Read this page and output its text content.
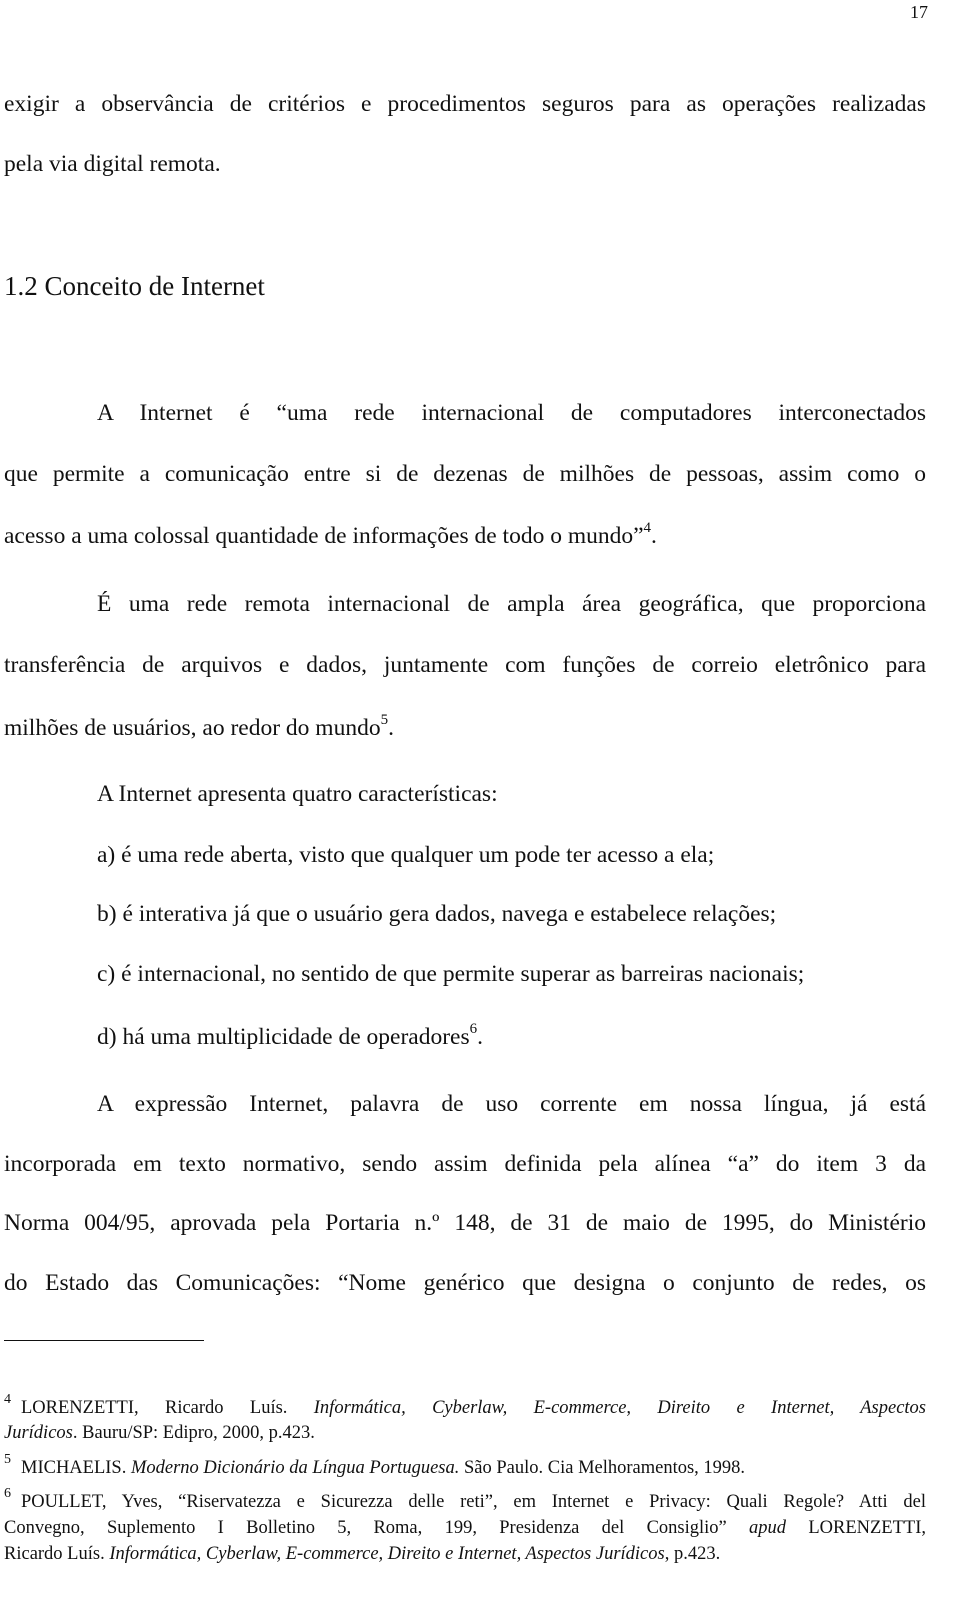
17
exigir a observância de critérios e procedimentos seguros para as operações realizadas
pela via digital remota.
1.2 Conceito de Internet
A Internet é “uma rede internacional de computadores interconectados
que permite a comunicação entre si de dezenas de milhões de pessoas, assim como o
acesso a uma colossal quantidade de informações de todo o mundo”$^4$.
É uma rede remota internacional de ampla área geográfica, que proporciona
transferência de arquivos e dados, juntamente com funções de correio eletrônico para
milhões de usuários, ao redor do mundo$^5$.
A Internet apresenta quatro características:
a) é uma rede aberta, visto que qualquer um pode ter acesso a ela;
b) é interativa já que o usuário gera dados, navega e estabelece relações;
c) é internacional, no sentido de que permite superar as barreiras nacionais;
d) há uma multiplicidade de operadores$^6$.
A expressão Internet, palavra de uso corrente em nossa língua, já está
incorporada em texto normativo, sendo assim definida pela alínea “a” do item 3 da
Norma 004/95, aprovada pela Portaria n.º 148, de 31 de maio de 1995, do Ministério
do Estado das Comunicações: “Nome genérico que designa o conjunto de redes, os
$^4$ LORENZETTI, Ricardo Luís. Informática, Cyberlaw, E-commerce, Direito e Internet, Aspectos
Jurídicos. Bauru/SP: Edipro, 2000, p.423.
$^5$ MICHAELIS. Moderno Dicionário da Língua Portuguesa. São Paulo. Cia Melhoramentos, 1998.
$^6$ POULLET, Yves, “Riservatezza e Sicurezza delle reti”, em Internet e Privacy: Quali Regole? Atti del
Convegno, Suplemento I Bolletino 5, Roma, 199, Presidenza del Consiglio” apud LORENZETTI,
Ricardo Luís. Informática, Cyberlaw, E-commerce, Direito e Internet, Aspectos Jurídicos, p.423.
